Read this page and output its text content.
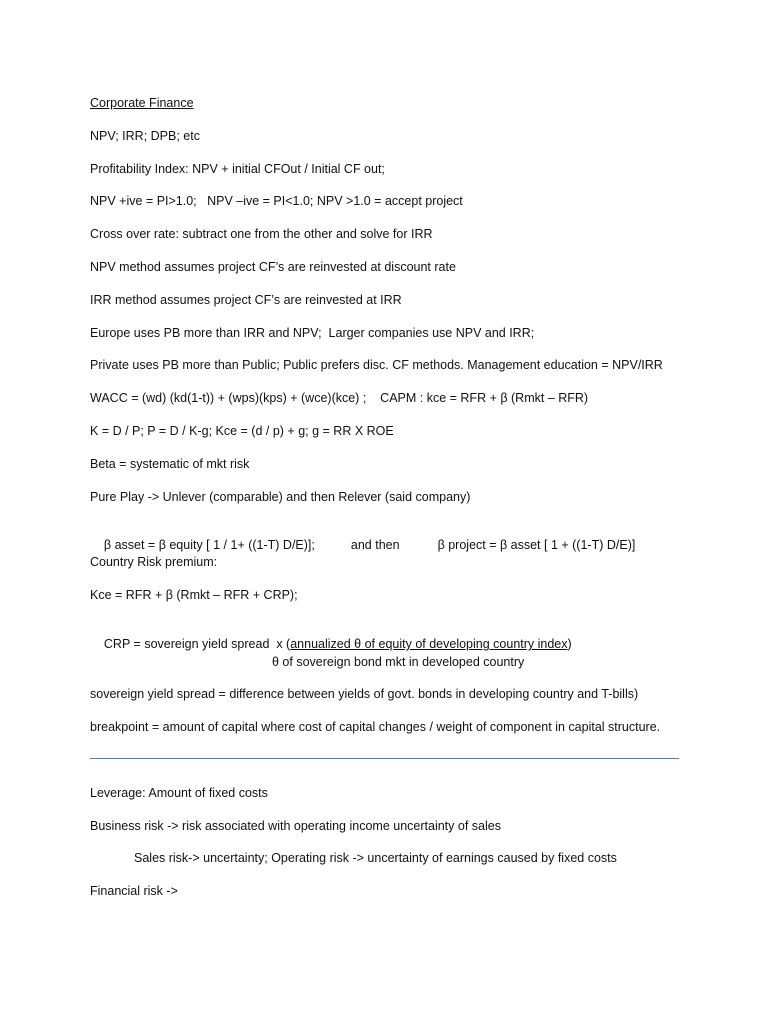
Corporate Finance
NPV; IRR; DPB; etc
Profitability Index: NPV + initial CFOut / Initial CF out;
NPV +ive = PI>1.0;   NPV –ive = PI<1.0; NPV >1.0 = accept project
Cross over rate: subtract one from the other and solve for IRR
NPV method assumes project CF’s are reinvested at discount rate
IRR method assumes project CF’s are reinvested at IRR
Europe uses PB more than IRR and NPV;  Larger companies use NPV and IRR;
Private uses PB more than Public; Public prefers disc. CF methods. Management education = NPV/IRR
WACC = (wd) (kd(1-t)) + (wps)(kps) + (wce)(kce) ;    CAPM : kce = RFR + β (Rmkt – RFR)
K = D / P; P = D / K-g; Kce = (d / p) + g; g = RR X ROE
Beta = systematic of mkt risk
Pure Play -> Unlever (comparable) and then Relever (said company)

β asset = β equity [ 1 / 1+ ((1-T) D/E)];	and then	β project = β asset [ 1 + ((1-T) D/E)]

Country Risk premium:
Kce = RFR + β (Rmkt – RFR + CRP);

CRP = sovereign yield spread  x (annualized θ of equity of developing country index)

θ of sovereign bond mkt in developed country
sovereign yield spread = difference between yields of govt. bonds in developing country and T-bills)
breakpoint = amount of capital where cost of capital changes / weight of component in capital structure.
Leverage: Amount of fixed costs
Business risk -> risk associated with operating income uncertainty of sales
Sales risk-> uncertainty; Operating risk -> uncertainty of earnings caused by fixed costs
Financial risk ->
